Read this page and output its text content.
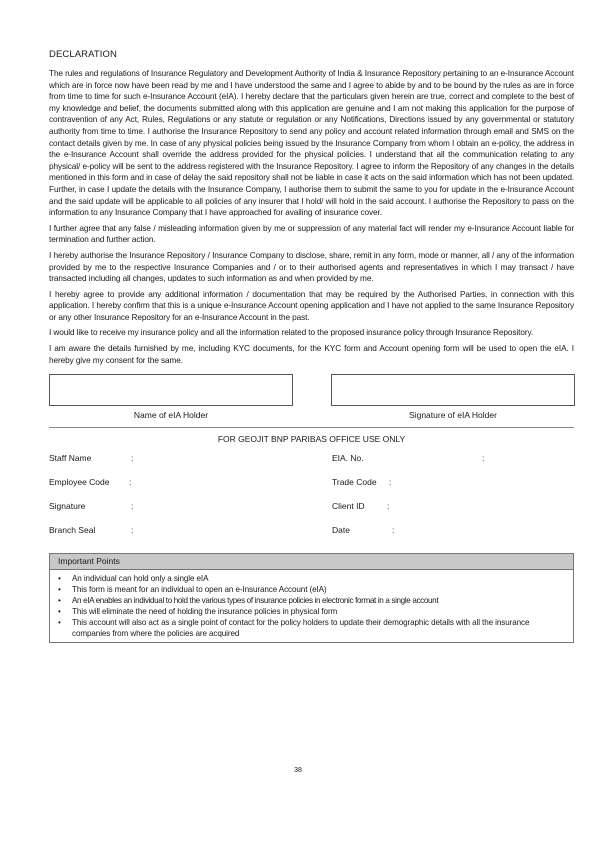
DECLARATION

The rules and regulations of Insurance Regulatory and Development Authority of India & Insurance Repository pertaining to an e-Insurance Account which are in force now have been read by me and I have understood the same and I agree to abide by and to be bound by the rules as are in force from time to time for such e-Insurance Account (eIA). I hereby declare that the particulars given herein are true, correct and complete to the best of my knowledge and belief, the documents submitted along with this application are genuine and I am not making this application for the purpose of contravention of any Act, Rules, Regulations or any statute or regulation or any Notifications, Directions issued by any governmental or statutory authority from time to time. I authorise the Insurance Repository to send any policy and account related information through email and SMS on the contact details given by me. In case of any physical policies being issued by the Insurance Company from whom I obtain an e-policy, the address in the e-Insurance Account shall override the address provided for the physical policies. I understand that all the communication relating to any physical/ e-policy will be sent to the address registered with the Insurance Repository. I agree to inform the Repository of any changes in the details mentioned in this form and in case of delay the said repository shall not be liable in case it acts on the said information which has not been updated. Further, in case I update the details with the Insurance Company, I authorise them to submit the same to you for update in the e-Insurance Account and the said update will be applicable to all policies of any insurer that I hold/ will hold in the said account. I authorise the Repository to pass on the information to any Insurance Company that I have approached for availing of insurance cover.

I further agree that any false / misleading information given by me or suppression of any material fact will render my e-Insurance Account liable for termination and further action.

I hereby authorise the Insurance Repository / Insurance Company to disclose, share, remit in any form, mode or manner, all / any of the information provided by me to the respective Insurance Companies and / or to their authorised agents and representatives in which I may transact / have transacted including all changes, updates to such information as and when provided by me.

I hereby agree to provide any additional information / documentation that may be required by the Authorised Parties, in connection with this application. I hereby confirm that this is a unique e-Insurance Account opening application and I have not applied to the same Insurance Repository or any other Insurance Repository for an e-Insurance Account in the past.

I would like to receive my insurance policy and all the information related to the proposed insurance policy through Insurance Repository.

I am aware the details furnished by me, including KYC documents, for the KYC form and Account opening form will be used to open the eIA. I hereby give my consent for the same.

Name of eIA Holder	Signature of eIA Holder
FOR GEOJIT BNP PARIBAS OFFICE USE ONLY
Staff Name	:
Employee Code :
Signature	:
Branch Seal	:
EIA. No.	:
Trade Code :
Client ID	:
Date	:
Important Points
• An individual can hold only a single eIA
• This form is meant for an individual to open an e-Insurance Account (eIA)
• An eIA enables an individual to hold the various types of insurance policies in electronic format in a single account
• This will eliminate the need of holding the insurance policies in physical form
• This account will also act as a single point of contact for the policy holders to update their demographic details with all the insurance companies from where the policies are acquired
38
